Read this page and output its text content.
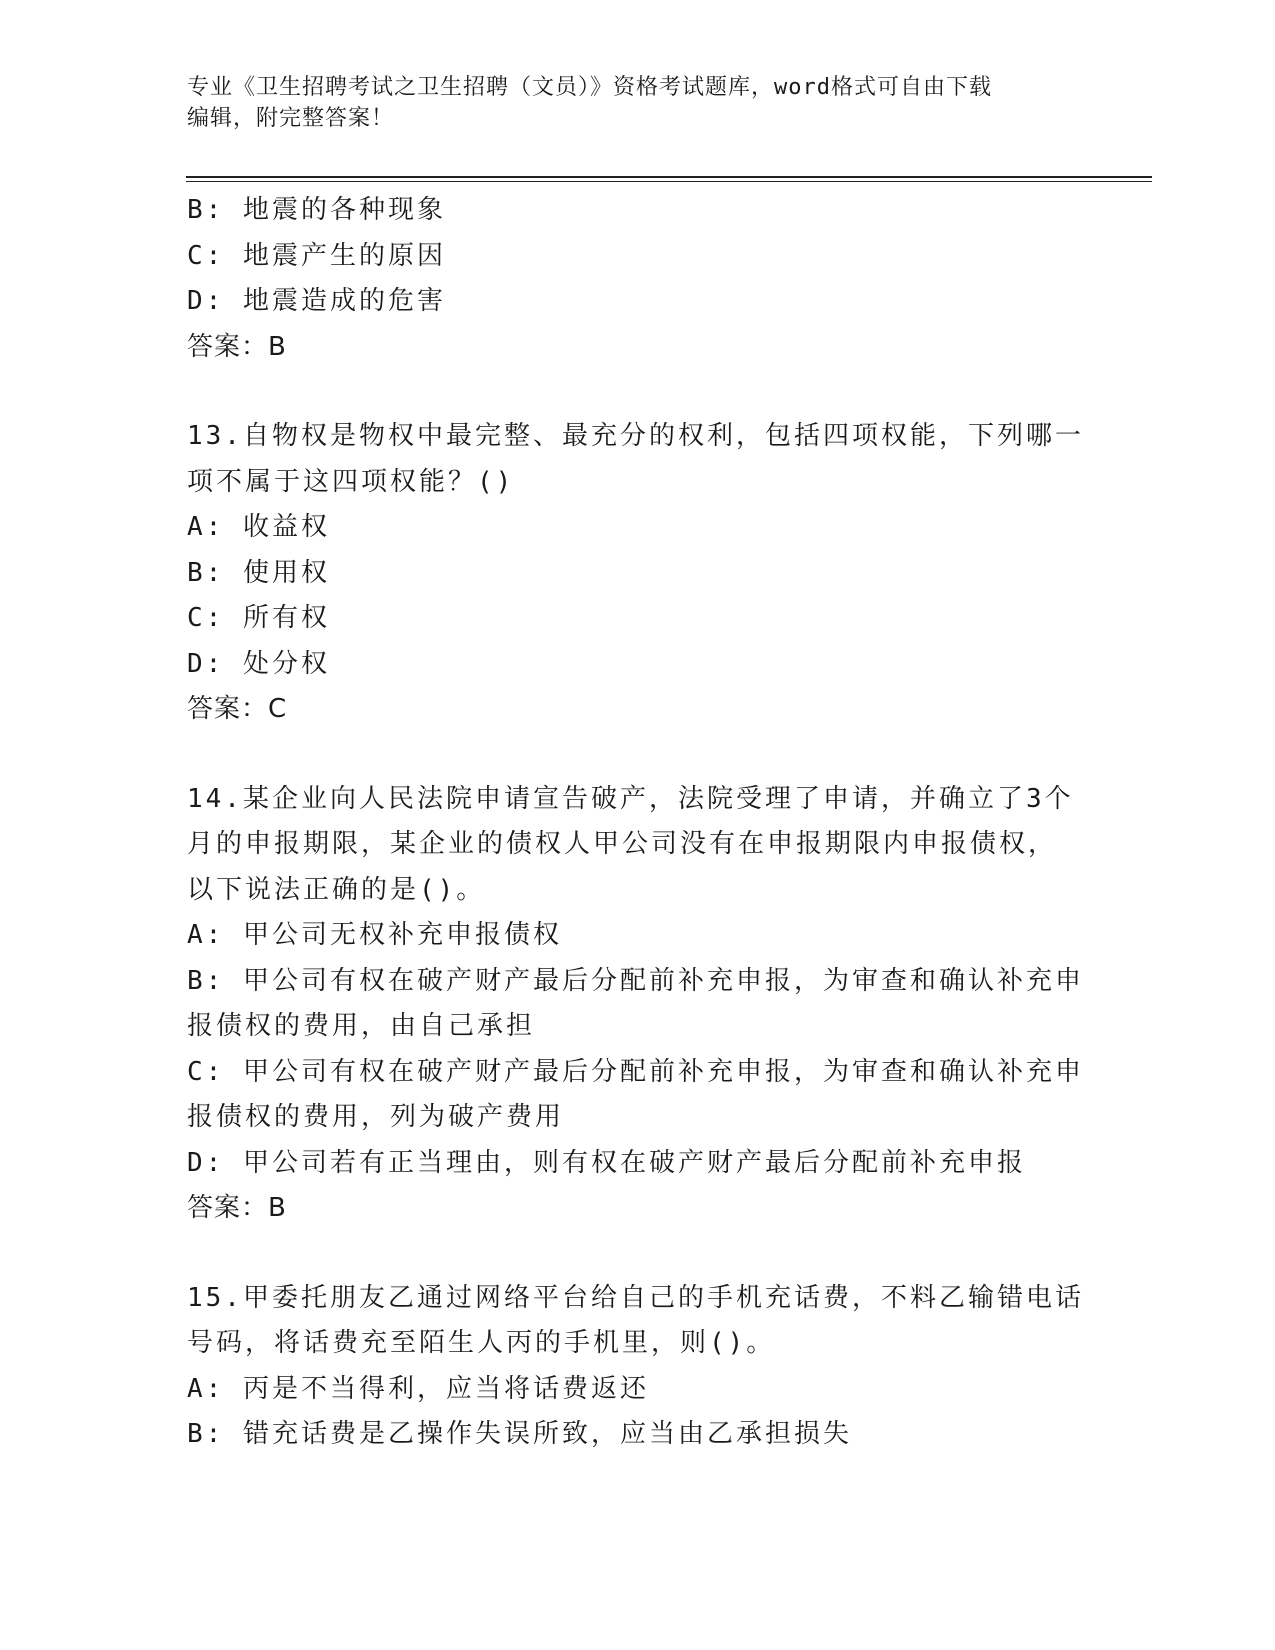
专业《卫生招聘考试之卫生招聘（文员）》资格考试题库，word格式可自由下载
编辑，附完整答案！

B: 地震的各种现象

C: 地震产生的原因

D: 地震造成的危害

答案：B

13.自物权是物权中最完整、最充分的权利，包括四项权能，下列哪一

项不属于这四项权能？()

A: 收益权

B: 使用权

C: 所有权

D: 处分权

答案：C

14.某企业向人民法院申请宣告破产，法院受理了申请，并确立了3个

月的申报期限，某企业的债权人甲公司没有在申报期限内申报债权，

以下说法正确的是()。

A: 甲公司无权补充申报债权

B: 甲公司有权在破产财产最后分配前补充申报，为审查和确认补充申

报债权的费用，由自己承担

C: 甲公司有权在破产财产最后分配前补充申报，为审查和确认补充申

报债权的费用，列为破产费用

D: 甲公司若有正当理由，则有权在破产财产最后分配前补充申报

答案：B

15.甲委托朋友乙通过网络平台给自己的手机充话费，不料乙输错电话

号码，将话费充至陌生人丙的手机里，则()。

A: 丙是不当得利，应当将话费返还

B: 错充话费是乙操作失误所致，应当由乙承担损失
